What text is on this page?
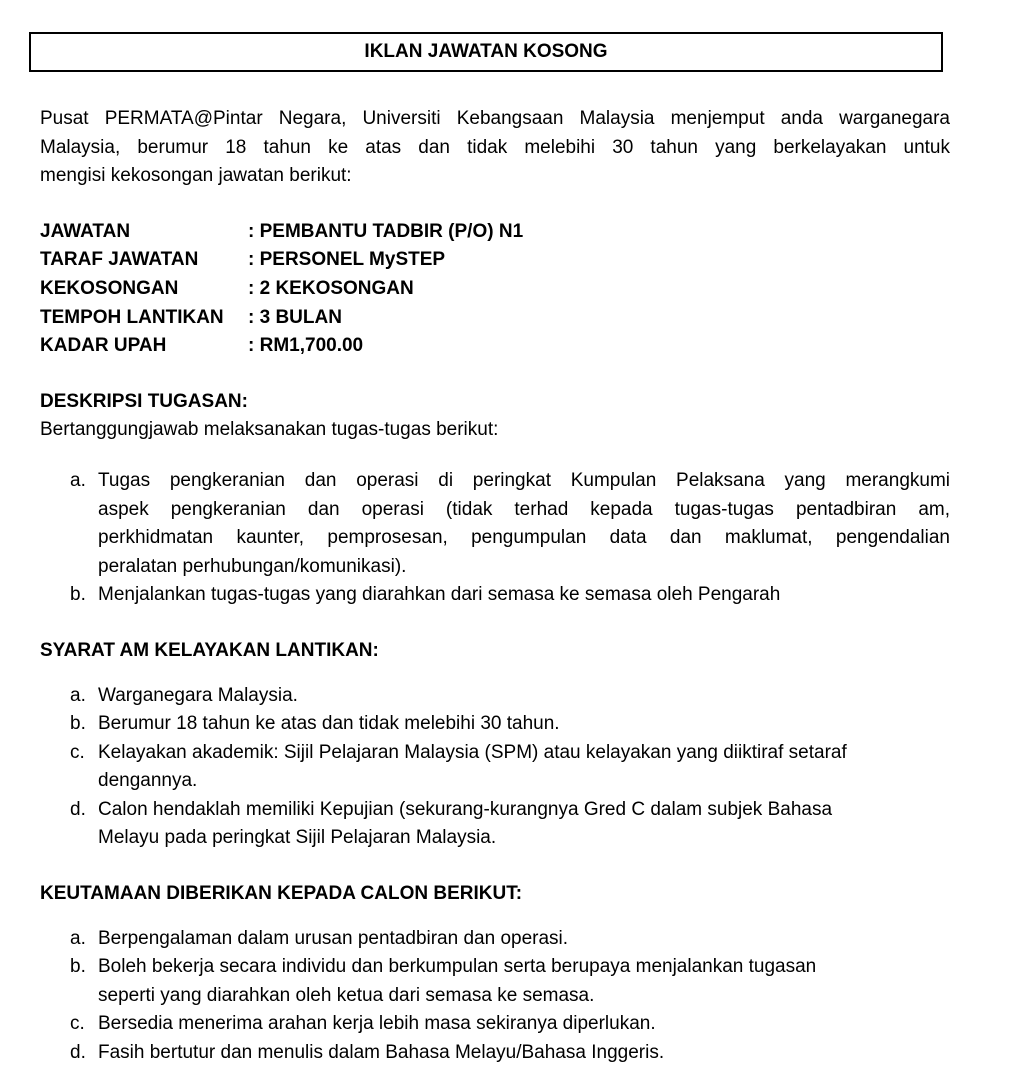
IKLAN JAWATAN KOSONG
Pusat PERMATA@Pintar Negara, Universiti Kebangsaan Malaysia menjemput anda warganegara
Malaysia, berumur 18 tahun ke atas dan tidak melebihi 30 tahun yang berkelayakan untuk
mengisi kekosongan jawatan berikut:
JAWATAN	: PEMBANTU TADBIR (P/O) N1
TARAF JAWATAN	: PERSONEL MySTEP
KEKOSONGAN	: 2 KEKOSONGAN
TEMPOH LANTIKAN	: 3 BULAN
KADAR UPAH	: RM1,700.00
DESKRIPSI TUGASAN:
Bertanggungjawab melaksanakan tugas-tugas berikut:
a. Tugas pengkeranian dan operasi di peringkat Kumpulan Pelaksana yang merangkumi
aspek pengkeranian dan operasi (tidak terhad kepada tugas-tugas pentadbiran am,
perkhidmatan kaunter, pemprosesan, pengumpulan data dan maklumat, pengendalian
peralatan perhubungan/komunikasi).
b. Menjalankan tugas-tugas yang diarahkan dari semasa ke semasa oleh Pengarah
SYARAT AM KELAYAKAN LANTIKAN:
a. Warganegara Malaysia.
b. Berumur 18 tahun ke atas dan tidak melebihi 30 tahun.
c. Kelayakan akademik: Sijil Pelajaran Malaysia (SPM) atau kelayakan yang diiktiraf setaraf
dengannya.
d. Calon hendaklah memiliki Kepujian (sekurang-kurangnya Gred C dalam subjek Bahasa
Melayu pada peringkat Sijil Pelajaran Malaysia.
KEUTAMAAN DIBERIKAN KEPADA CALON BERIKUT:
a. Berpengalaman dalam urusan pentadbiran dan operasi.
b. Boleh bekerja secara individu dan berkumpulan serta berupaya menjalankan tugasan
seperti yang diarahkan oleh ketua dari semasa ke semasa.
c. Bersedia menerima arahan kerja lebih masa sekiranya diperlukan.
d. Fasih bertutur dan menulis dalam Bahasa Melayu/Bahasa Inggeris.
